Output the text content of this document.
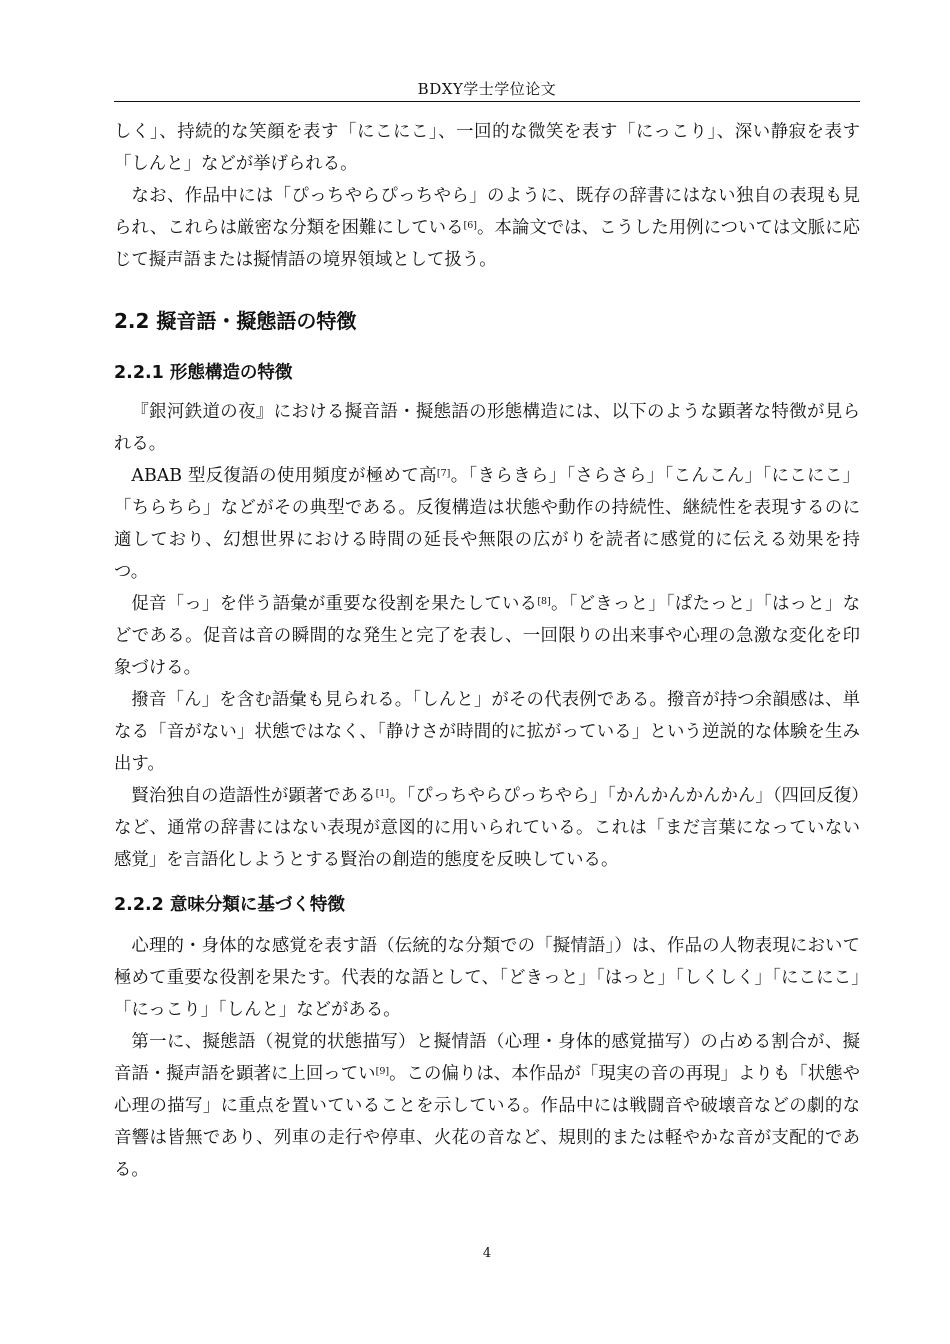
BDXY学士学位论文

しく」、持続的な笑顔を表す「にこにこ」、一回的な微笑を表す「にっこり」、深い静寂を表す「しんと」などが挙げられる。

なお、作品中には「ぴっちやらぴっちやら」のように、既存の辞書にはない独自の表現も見られ、これらは厳密な分類を困難にしている[6]。本論文では、こうした用例については文脈に応じて擬声語または擬情語の境界領域として扱う。

2.2 擬音語・擬態語の特徴
2.2.1 形態構造の特徴

『銀河鉄道の夜』における擬音語・擬態語の形態構造には、以下のような顕著な特徴が見られる。

ABAB 型反復語の使用頻度が極めて高[7]。「きらきら」「さらさら」「こんこん」「にこにこ」「ちらちら」などがその典型である。反復構造は状態や動作の持続性、継続性を表現するのに適しており、幻想世界における時間の延長や無限の広がりを読者に感覚的に伝える効果を持つ。

促音「っ」を伴う語彙が重要な役割を果たしている[8]。「どきっと」「ぱたっと」「はっと」などである。促音は音の瞬間的な発生と完了を表し、一回限りの出来事や心理の急激な変化を印象づける。

撥音「ん」を含む語彙も見られる。「しんと」がその代表例である。撥音が持つ余韻感は、単なる「音がない」状態ではなく、「静けさが時間的に拡がっている」という逆説的な体験を生み出す。

賢治独自の造語性が顕著である[1]。「ぴっちやらぴっちやら」「かんかんかんかん」（四回反復）など、通常の辞書にはない表現が意図的に用いられている。これは「まだ言葉になっていない感覚」を言語化しようとする賢治の創造的態度を反映している。

2.2.2 意味分類に基づく特徴

心理的・身体的な感覚を表す語（伝統的な分類での「擬情語」）は、作品の人物表現において極めて重要な役割を果たす。代表的な語として、「どきっと」「はっと」「しくしく」「にこにこ」「にっこり」「しんと」などがある。

第一に、擬態語（視覚的状態描写）と擬情語（心理・身体的感覚描写）の占める割合が、擬音語・擬声語を顕著に上回ってい[9]。この偏りは、本作品が「現実の音の再現」よりも「状態や心理の描写」に重点を置いていることを示している。作品中には戦闘音や破壊音などの劇的な音響は皆無であり、列車の走行や停車、火花の音など、規則的または軽やかな音が支配的である。

4
